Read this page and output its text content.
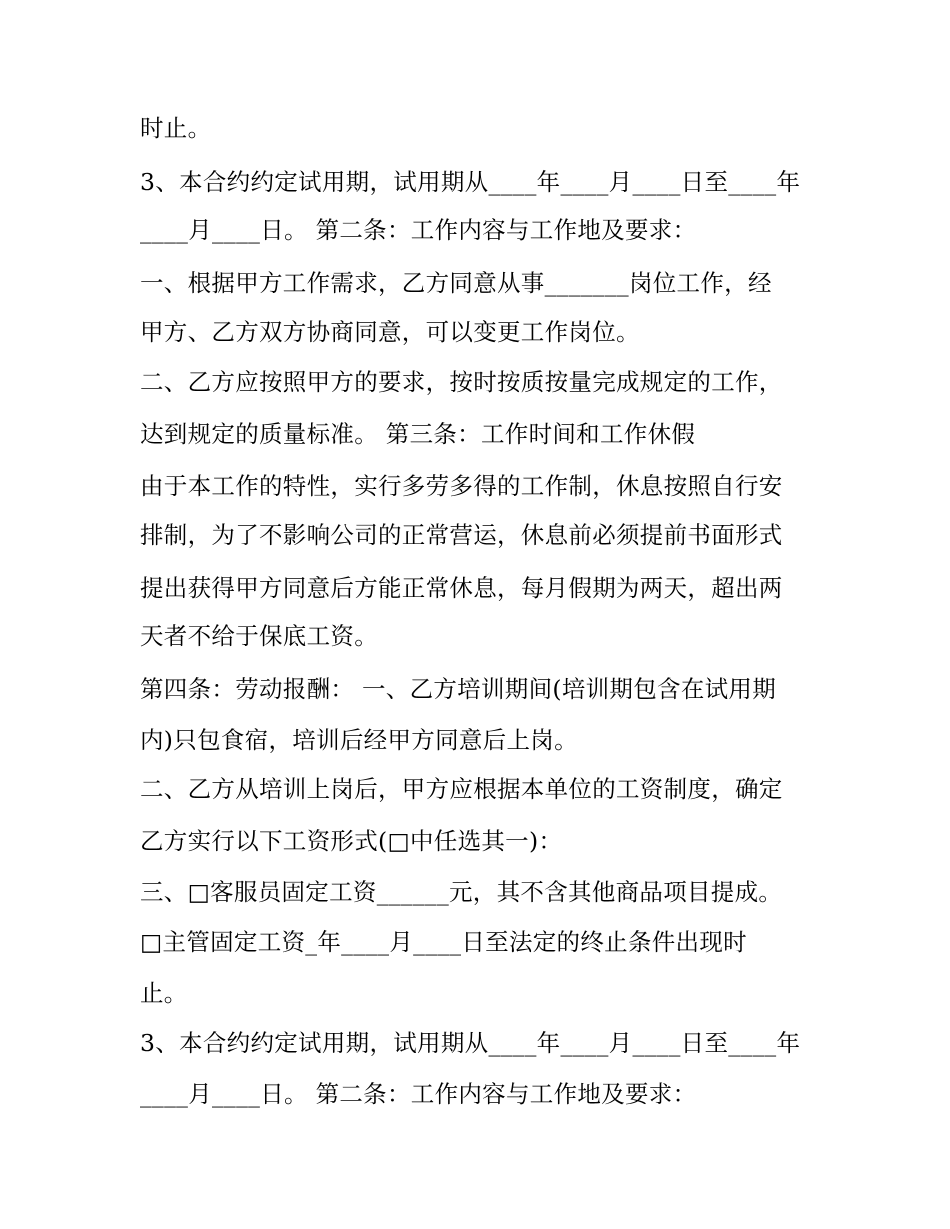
时止。
3、本合约约定试用期，试用期从____年____月____日至____年
____月____日。 第二条：工作内容与工作地及要求：
一、根据甲方工作需求，乙方同意从事_______岗位工作，经
甲方、乙方双方协商同意，可以变更工作岗位。
二、乙方应按照甲方的要求，按时按质按量完成规定的工作，
达到规定的质量标准。 第三条：工作时间和工作休假
由于本工作的特性，实行多劳多得的工作制，休息按照自行安
排制，为了不影响公司的正常营运，休息前必须提前书面形式
提出获得甲方同意后方能正常休息，每月假期为两天，超出两
天者不给于保底工资。
第四条：劳动报酬： 一、乙方培训期间(培训期包含在试用期
内)只包食宿，培训后经甲方同意后上岗。
二、乙方从培训上岗后，甲方应根据本单位的工资制度，确定
乙方实行以下工资形式(□中任选其一)：
三、□客服员固定工资______元，其不含其他商品项目提成。
□主管固定工资_年____月____日至法定的终止条件出现时
止。
3、本合约约定试用期，试用期从____年____月____日至____年
____月____日。 第二条：工作内容与工作地及要求：
